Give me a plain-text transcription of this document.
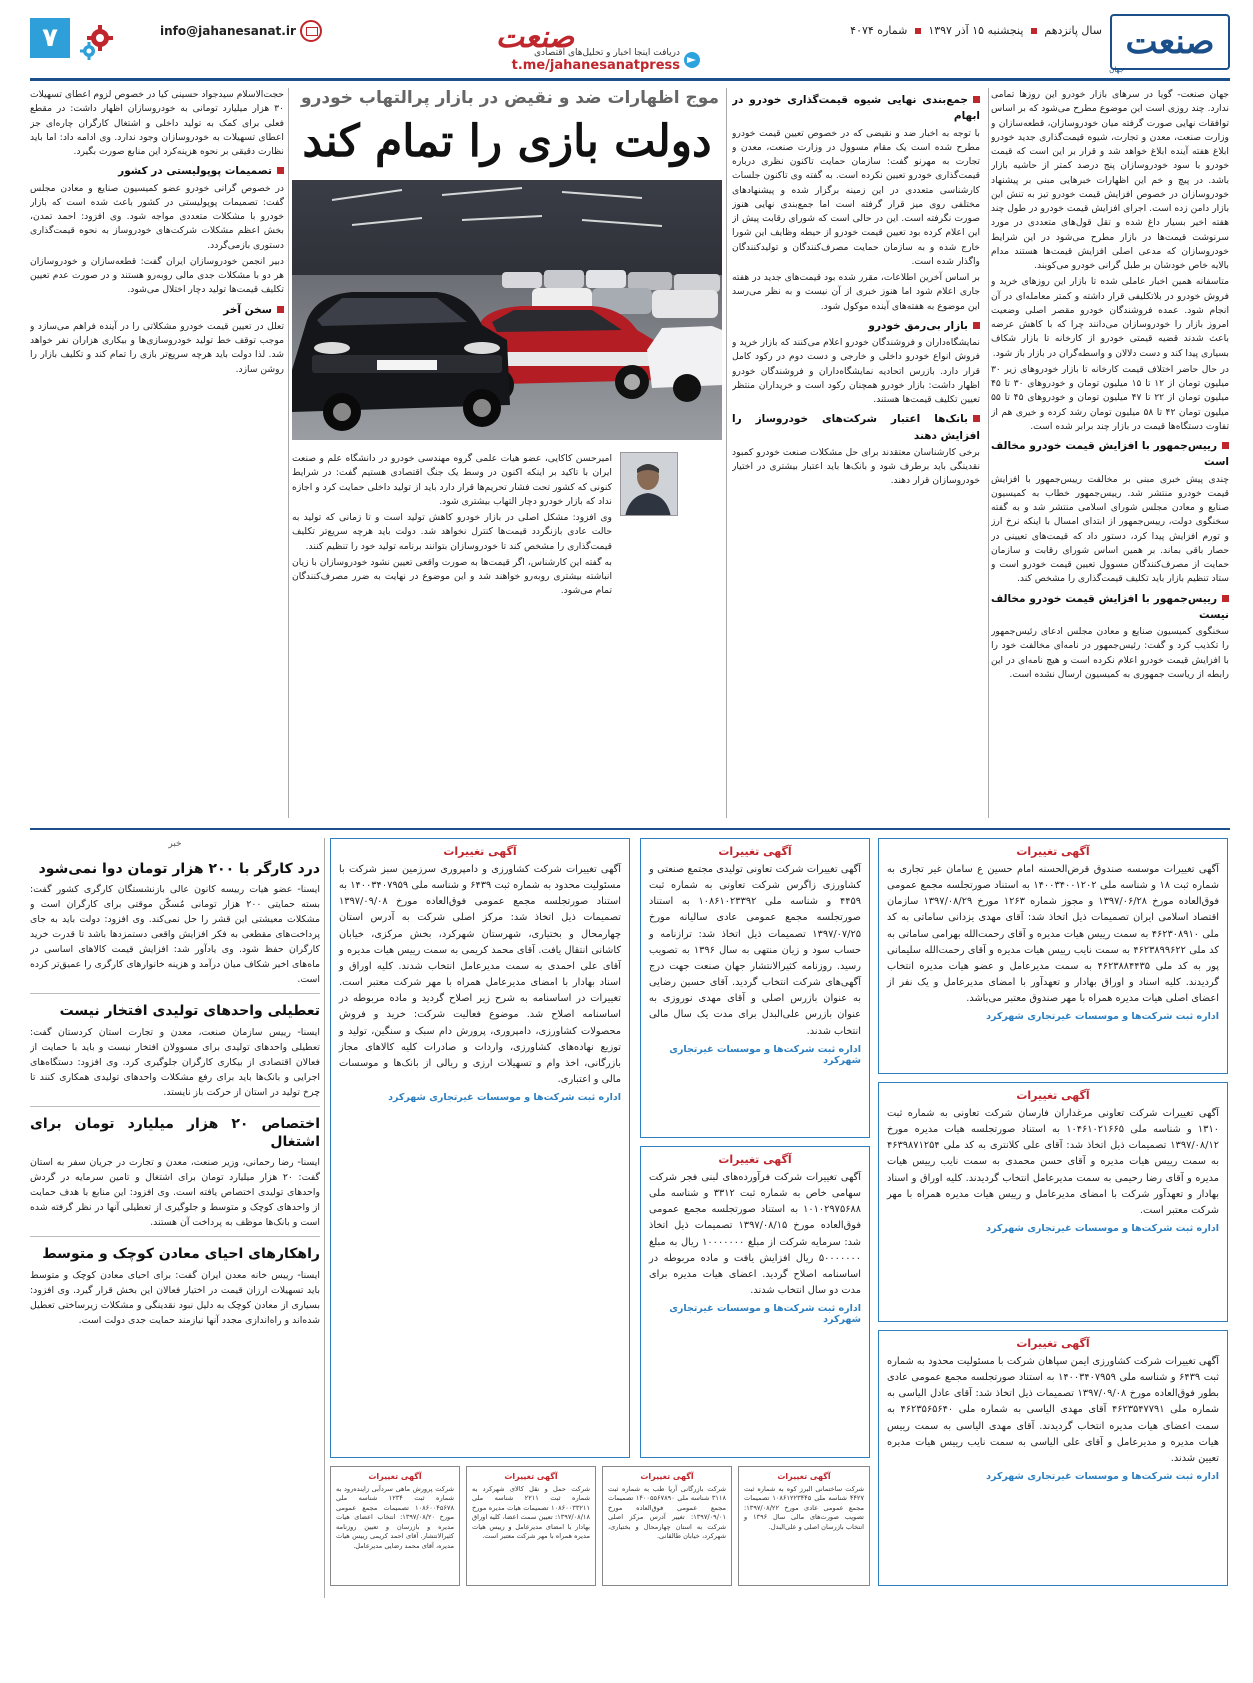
صنعت
جهان
سال پانزدهم  پنجشنبه ۱۵ آذر ۱۳۹۷  شماره ۴۰۷۴
دریافت اینجا اخبار و تحلیل‌های اقتصادی
t.me/jahanesanatpress
صنعت
info@jahanesanat.ir
۷
موج اظهارات ضد و نقیض در بازار پرالتهاب خودرو
دولت بازی را تمام کند

جهان صنعت- گویا در سرهای بازار خودرو این روزها تمامی ندارد. چند روزی است این موضوع مطرح می‌شود که بر اساس توافقات نهایی صورت گرفته میان خودروسازان، قطعه‌سازان و وزارت صنعت، معدن و تجارت، شیوه قیمت‌گذاری جدید خودرو ابلاغ هفته آینده ابلاغ خواهد شد و قرار بر این است که قیمت خودرو با سود خودروسازان پنج درصد کمتر از حاشیه بازار باشد. در پیچ و خم این اظهارات خبرهایی مبنی بر پیشنهاد خودروسازان در خصوص افزایش قیمت خودرو تیز به تنش این بازار دامن زده است. اجرای افزایش قیمت خودرو در طول چند هفته اخیر بسیار داغ شده و تقل قول‌های متعددی در مورد سرنوشت قیمت‌ها در بازار مطرح می‌شود در این شرایط خودروسازان که مدعی اصلی افزایش قیمت‌ها هستند مدام بالایه خاص خودشان بر طبل گرانی خودرو می‌کوبند.

متاسفانه همین اخبار عاملی شده تا بازار این روزهای خرید و فروش خودرو در بلاتکلیفی قرار داشته و کمتر معامله‌ای در آن انجام شود. عمده فروشندگان خودرو مقصر اصلی وضعیت امروز بازار را خودروسازان می‌دانند چرا که با کاهش عرضه باعث شدند قضیه قیمتی خودرو از کارخانه تا بازار شکاف بسیاری پیدا کند و دست دلالان و واسطه‌گران در بازار باز شود.

در حال حاضر اختلاف قیمت کارخانه تا بازار خودروهای زیر ۳۰ میلیون تومان از ۱۲ تا ۱۵ میلیون تومان و خودروهای ۳۰ تا ۴۵ میلیون تومان از ۲۲ تا ۴۷ میلیون تومان و خودروهای ۴۵ تا ۵۵ میلیون تومان ۴۲ تا ۵۸ میلیون تومان رشد کرده و خیری هم از تفاوت دستگاه‌ها قیمت در بازار چند برابر شده است.

رییس‌جمهور با افزایش قیمت خودرو مخالف است

چندی پیش خبری مبنی بر مخالفت رییس‌جمهور با افزایش قیمت خودرو منتشر شد. رییس‌جمهور خطاب به کمیسیون صنایع و معادن مجلس شورای اسلامی منتشر شد و به گفته سخنگوی دولت، رییس‌جمهور از ابتدای امسال با اینکه نرخ ارز و تورم افزایش پیدا کرد، دستور داد که قیمت‌های تعیینی در حصار باقی بماند. بر همین اساس شورای رقابت و سازمان حمایت از مصرف‌کنندگان مسوول تعیین قیمت خودرو است و ستاد تنظیم بازار باید تکلیف قیمت‌گذاری را مشخص کند.

رییس‌جمهور با افزایش قیمت خودرو مخالف نیست

سخنگوی کمیسیون صنایع و معادن مجلس ادعای رئیس‌جمهور را تکذیب کرد و گفت: رئیس‌جمهور در نامه‌ای مخالفت خود را با افزایش قیمت خودرو اعلام نکرده است و هیچ نامه‌ای در این رابطه از ریاست جمهوری به کمیسیون ارسال نشده است.

جمع‌بندی نهایی شیوه قیمت‌گذاری خودرو در ابهام

با توجه به اخبار ضد و نقیضی که در خصوص تعیین قیمت خودرو مطرح شده است یک مقام مسوول در وزارت صنعت، معدن و تجارت به مهرنو گفت: سازمان حمایت تاکنون نظری درباره قیمت‌گذاری خودرو تعیین نکرده است. به گفته وی تاکنون جلسات کارشناسی متعددی در این زمینه برگزار شده و پیشنهادهای مختلفی روی میز قرار گرفته است اما جمع‌بندی نهایی هنوز صورت نگرفته است. این در حالی است که شورای رقابت پیش از این اعلام کرده بود تعیین قیمت خودرو از حیطه وظایف این شورا خارج شده و به سازمان حمایت مصرف‌کنندگان و تولیدکنندگان واگذار شده است.

بر اساس آخرین اطلاعات، مقرر شده بود قیمت‌های جدید در هفته جاری اعلام شود اما هنوز خبری از آن نیست و به نظر می‌رسد این موضوع به هفته‌های آینده موکول شود.

بازار بی‌رمق خودرو

نمایشگاه‌داران و فروشندگان خودرو اعلام می‌کنند که بازار خرید و فروش انواع خودرو داخلی و خارجی و دست دوم در رکود کامل قرار دارد. بازرس اتحادیه نمایشگاه‌داران و فروشندگان خودرو اظهار داشت: بازار خودرو همچنان رکود است و خریداران منتظر تعیین تکلیف قیمت‌ها هستند.

بانک‌ها اعتبار شرکت‌های خودروساز را افزایش دهند

برخی کارشناسان معتقدند برای حل مشکلات صنعت خودرو کمبود نقدینگی باید برطرف شود و بانک‌ها باید اعتبار بیشتری در اختیار خودروسازان قرار دهند.

امیرحسن کاکایی، عضو هیات علمی گروه مهندسی خودرو در دانشگاه علم و صنعت ایران با تاکید بر اینکه اکنون در وسط یک جنگ اقتصادی هستیم گفت: در شرایط کنونی که کشور تحت فشار تحریم‌ها قرار دارد باید از تولید داخلی حمایت کرد و اجازه نداد که بازار خودرو دچار التهاب بیشتری شود.

وی افزود: مشکل اصلی در بازار خودرو کاهش تولید است و تا زمانی که تولید به حالت عادی بازنگردد قیمت‌ها کنترل نخواهد شد. دولت باید هرچه سریع‌تر تکلیف قیمت‌گذاری را مشخص کند تا خودروسازان بتوانند برنامه تولید خود را تنظیم کنند.

به گفته این کارشناس، اگر قیمت‌ها به صورت واقعی تعیین نشود خودروسازان با زیان انباشته بیشتری روبه‌رو خواهند شد و این موضوع در نهایت به ضرر مصرف‌کنندگان تمام می‌شود.

حجت‌الاسلام سیدجواد حسینی کیا در خصوص لزوم اعطای تسهیلات ۳۰ هزار میلیارد تومانی به خودروسازان اظهار داشت: در مقطع فعلی برای کمک به تولید داخلی و اشتغال کارگران چاره‌ای جز اعطای تسهیلات به خودروسازان وجود ندارد. وی ادامه داد: اما باید نظارت دقیقی بر نحوه هزینه‌کرد این منابع صورت بگیرد.

تصمیمات پوپولیستی در کشور

در خصوص گرانی خودرو عضو کمیسیون صنایع و معادن مجلس گفت: تصمیمات پوپولیستی در کشور باعث شده است که بازار خودرو با مشکلات متعددی مواجه شود. وی افزود: احمد تمدن، بخش اعظم مشکلات شرکت‌های خودروساز به نحوه قیمت‌گذاری دستوری بازمی‌گردد.

دبیر انجمن خودروسازان ایران گفت: قطعه‌سازان و خودروسازان هر دو با مشکلات جدی مالی روبه‌رو هستند و در صورت عدم تعیین تکلیف قیمت‌ها تولید دچار اختلال می‌شود.

سخن آخر

تعلل در تعیین قیمت خودرو مشکلاتی را در آینده فراهم می‌سازد و موجب توقف خط تولید خودروسازی‌ها و بیکاری هزاران نفر خواهد شد. لذا دولت باید هرچه سریع‌تر بازی را تمام کند و تکلیف بازار را روشن سازد.

آگهی تغییرات
آگهی تغییرات موسسه صندوق قرض‌الحسنه امام حسین ع سامان غیر تجاری به شماره ثبت ۱۸ و شناسه ملی ۱۴۰۰۳۴۰۰۱۲۰۲ به استناد صورتجلسه مجمع عمومی فوق‌العاده مورخ ۱۳۹۷/۰۶/۲۸ و مجوز شماره ۱۲۶۳ مورخ ۱۳۹۷/۰۸/۲۹ سازمان اقتصاد اسلامی ایران تصمیمات ذیل اتخاذ شد: آقای مهدی یزدانی ساماتی به کد ملی ۴۶۲۳۰۸۹۱۰ به سمت رییس هیات مدیره و آقای رحمت‌الله بهرامی ساماتی به کد ملی ۴۶۲۳۸۹۹۶۲۲ به سمت نایب رییس هیات مدیره و آقای رحمت‌الله سلیمانی پور به کد ملی ۴۶۲۳۸۸۴۴۳۵ به سمت مدیرعامل و عضو هیات مدیره انتخاب گردیدند. کلیه اسناد و اوراق بهادار و تعهدآور با امضای مدیرعامل و یک نفر از اعضای اصلی هیات مدیره همراه با مهر صندوق معتبر می‌باشد.
اداره ثبت شرکت‌ها و موسسات غیرتجاری شهرکرد
آگهی تغییرات
آگهی تغییرات شرکت تعاونی مرغداران فارسان شرکت تعاونی به شماره ثبت ۱۳۱۰ و شناسه ملی ۱۰۴۶۱۰۲۱۶۶۵ به استناد صورتجلسه هیات مدیره مورخ ۱۳۹۷/۰۸/۱۲ تصمیمات ذیل اتخاذ شد: آقای علی کلانتری به کد ملی ۴۶۳۹۸۷۱۲۵۴ به سمت رییس هیات مدیره و آقای حسن محمدی به سمت نایب رییس هیات مدیره و آقای رضا رحیمی به سمت مدیرعامل انتخاب گردیدند. کلیه اوراق و اسناد بهادار و تعهدآور شرکت با امضای مدیرعامل و رییس هیات مدیره همراه با مهر شرکت معتبر است.
اداره ثبت شرکت‌ها و موسسات غیرتجاری شهرکرد
آگهی تغییرات
آگهی تغییرات شرکت کشاورزی ایمن سپاهان شرکت با مسئولیت محدود به شماره ثبت ۶۴۳۹ و شناسه ملی ۱۴۰۰۳۴۰۷۹۵۹ به استناد صورتجلسه مجمع عمومی عادی بطور فوق‌العاده مورخ ۱۳۹۷/۰۹/۰۸ تصمیمات ذیل اتخاذ شد: آقای عادل الیاسی به شماره ملی ۴۶۲۳۵۴۷۷۹۱ آقای مهدی الیاسی به شماره ملی ۴۶۲۳۵۶۵۶۴۰ به سمت اعضای هیات مدیره انتخاب گردیدند. آقای مهدی الیاسی به سمت رییس هیات مدیره و مدیرعامل و آقای علی الیاسی به سمت نایب رییس هیات مدیره تعیین شدند.
اداره ثبت شرکت‌ها و موسسات غیرتجاری شهرکرد
آگهی تغییرات
آگهی تغییرات شرکت کشاورزی و دامپروری سرزمین سبز شرکت با مسئولیت محدود به شماره ثبت ۶۴۳۹ و شناسه ملی ۱۴۰۰۳۴۰۷۹۵۹ به استناد صورتجلسه مجمع عمومی فوق‌العاده مورخ ۱۳۹۷/۰۹/۰۸ تصمیمات ذیل اتخاذ شد: مرکز اصلی شرکت به آدرس استان چهارمحال و بختیاری، شهرستان شهرکرد، بخش مرکزی، خیابان کاشانی انتقال یافت. آقای محمد کریمی به سمت رییس هیات مدیره و آقای علی احمدی به سمت مدیرعامل انتخاب شدند. کلیه اوراق و اسناد بهادار با امضای مدیرعامل همراه با مهر شرکت معتبر است. تغییرات در اساسنامه به شرح زیر اصلاح گردید و ماده مربوطه در اساسنامه اصلاح شد. موضوع فعالیت شرکت: خرید و فروش محصولات کشاورزی، دامپروری، پرورش دام سبک و سنگین، تولید و توزیع نهاده‌های کشاورزی، واردات و صادرات کلیه کالاهای مجاز بازرگانی، اخذ وام و تسهیلات ارزی و ریالی از بانک‌ها و موسسات مالی و اعتباری.
اداره ثبت شرکت‌ها و موسسات غیرتجاری شهرکرد
آگهی تغییرات
آگهی تغییرات شرکت تعاونی تولیدی مجتمع صنعتی و کشاورزی زاگرس شرکت تعاونی به شماره ثبت ۴۴۵۹ و شناسه ملی ۱۰۸۶۱۰۲۳۳۹۲ به استناد صورتجلسه مجمع عمومی عادی سالیانه مورخ ۱۳۹۷/۰۷/۲۵ تصمیمات ذیل اتخاذ شد: ترازنامه و حساب سود و زیان منتهی به سال ۱۳۹۶ به تصویب رسید. روزنامه کثیرالانتشار جهان صنعت جهت درج آگهی‌های شرکت انتخاب گردید. آقای حسین رضایی به عنوان بازرس اصلی و آقای مهدی نوروزی به عنوان بازرس علی‌البدل برای مدت یک سال مالی انتخاب شدند.
اداره ثبت شرکت‌ها و موسسات غیرتجاری شهرکرد
آگهی تغییرات
آگهی تغییرات شرکت فرآورده‌های لبنی فجر شرکت سهامی خاص به شماره ثبت ۳۳۱۲ و شناسه ملی ۱۰۱۰۲۹۷۵۶۸۸ به استناد صورتجلسه مجمع عمومی فوق‌العاده مورخ ۱۳۹۷/۰۸/۱۵ تصمیمات ذیل اتخاذ شد: سرمایه شرکت از مبلغ ۱۰۰۰۰۰۰۰ ریال به مبلغ ۵۰۰۰۰۰۰۰ ریال افزایش یافت و ماده مربوطه در اساسنامه اصلاح گردید. اعضای هیات مدیره برای مدت دو سال انتخاب شدند.
اداره ثبت شرکت‌ها و موسسات غیرتجاری شهرکرد
آگهی تغییرات
شرکت پرورش ماهی سردآبی زاینده‌رود به شماره ثبت ۱۲۳۴ شناسه ملی ۱۰۸۶۰۰۴۵۶۷۸ تصمیمات مجمع عمومی مورخ ۱۳۹۷/۰۸/۲۰: انتخاب اعضای هیات مدیره و بازرسان و تعیین روزنامه کثیرالانتشار. آقای احمد کریمی رییس هیات مدیره، آقای محمد رضایی مدیرعامل.
آگهی تغییرات
شرکت حمل و نقل کالای شهرکرد به شماره ثبت ۲۲۱۱ شناسه ملی ۱۰۸۶۰۰۳۳۲۱۱ تصمیمات هیات مدیره مورخ ۱۳۹۷/۰۸/۱۸: تعیین سمت اعضا، کلیه اوراق بهادار با امضای مدیرعامل و رییس هیات مدیره همراه با مهر شرکت معتبر است.
آگهی تغییرات
شرکت بازرگانی آریا طب به شماره ثبت ۳۱۱۸ شناسه ملی ۱۴۰۰۵۵۶۷۸۹۰ تصمیمات مجمع عمومی فوق‌العاده مورخ ۱۳۹۷/۰۹/۰۱: تغییر آدرس مرکز اصلی شرکت به استان چهارمحال و بختیاری، شهرکرد، خیابان طالقانی.
آگهی تغییرات
شرکت ساختمانی البرز کوه به شماره ثبت ۴۴۲۷ شناسه ملی ۱۰۸۶۱۲۲۳۴۴۵ تصمیمات مجمع عمومی عادی مورخ ۱۳۹۷/۰۸/۲۲: تصویب صورت‌های مالی سال ۱۳۹۶ و انتخاب بازرسان اصلی و علی‌البدل.
خبر
درد کارگر با ۲۰۰ هزار تومان دوا نمی‌شود
ایسنا- عضو هیات رییسه کانون عالی بازنشستگان کارگری کشور گفت: بسته حمایتی ۲۰۰ هزار تومانی مُسکّن موقتی برای کارگران است و مشکلات معیشتی این قشر را حل نمی‌کند. وی افزود: دولت باید به جای پرداخت‌های مقطعی به فکر افزایش واقعی دستمزدها باشد تا قدرت خرید کارگران حفظ شود. وی یادآور شد: افزایش قیمت کالاهای اساسی در ماه‌های اخیر شکاف میان درآمد و هزینه خانوارهای کارگری را عمیق‌تر کرده است.
تعطیلی واحدهای تولیدی افتخار نیست
ایسنا- رییس سازمان صنعت، معدن و تجارت استان کردستان گفت: تعطیلی واحدهای تولیدی برای مسوولان افتخار نیست و باید با حمایت از فعالان اقتصادی از بیکاری کارگران جلوگیری کرد. وی افزود: دستگاه‌های اجرایی و بانک‌ها باید برای رفع مشکلات واحدهای تولیدی همکاری کنند تا چرخ تولید در استان از حرکت باز نایستد.
اختصاص ۲۰ هزار میلیارد تومان برای اشتغال
ایسنا- رضا رحمانی، وزیر صنعت، معدن و تجارت در جریان سفر به استان گفت: ۲۰ هزار میلیارد تومان برای اشتغال و تامین سرمایه در گردش واحدهای تولیدی اختصاص یافته است. وی افزود: این منابع با هدف حمایت از واحدهای کوچک و متوسط و جلوگیری از تعطیلی آنها در نظر گرفته شده است و بانک‌ها موظف به پرداخت آن هستند.
راهکارهای احیای معادن کوچک و متوسط
ایسنا- رییس خانه معدن ایران گفت: برای احیای معادن کوچک و متوسط باید تسهیلات ارزان قیمت در اختیار فعالان این بخش قرار گیرد. وی افزود: بسیاری از معادن کوچک به دلیل نبود نقدینگی و مشکلات زیرساختی تعطیل شده‌اند و راه‌اندازی مجدد آنها نیازمند حمایت جدی دولت است.
